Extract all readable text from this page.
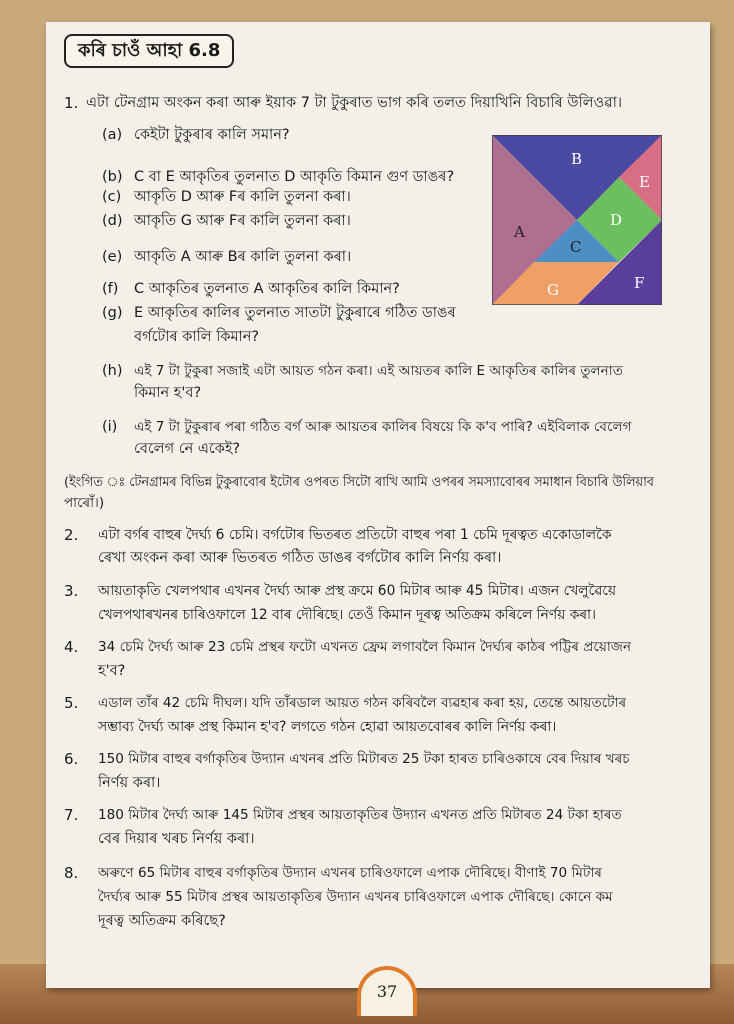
কৰি চাওঁ আহা 6.8
1. এটা টেনগ্ৰাম অংকন কৰা আৰু ইয়াক 7 টা টুকুৰাত ভাগ কৰি তলত দিয়াখিনি বিচাৰি উলিওৱা।
(a) কেইটা টুকুৰাৰ কালি সমান?
(b) C বা E আকৃতিৰ তুলনাত D আকৃতি কিমান গুণ ডাঙৰ?
(c) আকৃতি D আৰু Fৰ কালি তুলনা কৰা।
(d) আকৃতি G আৰু Fৰ কালি তুলনা কৰা।
(e) আকৃতি A আৰু Bৰ কালি তুলনা কৰা।
(f) C আকৃতিৰ তুলনাত A আকৃতিৰ কালি কিমান?
(g) E আকৃতিৰ কালিৰ তুলনাত সাতটা টুকুৰাৰে গঠিত ডাঙৰ
বৰ্গটোৰ কালি কিমান?
(h) এই 7 টা টুকুৰা সজাই এটা আয়ত গঠন কৰা। এই আয়তৰ কালি E আকৃতিৰ কালিৰ তুলনাত
কিমান হ'ব?
(i) এই 7 টা টুকুৰাৰ পৰা গঠিত বৰ্গ আৰু আয়তৰ কালিৰ বিষয়ে কি ক'ব পাৰি? এইবিলাক বেলেগ
বেলেগ নে একেই?
(ইংগিত ঃ টেনগ্ৰামৰ বিভিন্ন টুকুৰাবোৰ ইটোৰ ওপৰত সিটো ৰাখি আমি ওপৰৰ সমস্যাবোৰৰ সমাধান বিচাৰি উলিয়াব
পাৰোঁ।)
A
B
C
D
E
F
G
2. এটা বৰ্গৰ বাহুৰ দৈৰ্ঘ্য 6 চেমি। বৰ্গটোৰ ভিতৰত প্ৰতিটো বাহুৰ পৰা 1 চেমি দূৰত্বত একোডালকৈ
ৰেখা অংকন কৰা আৰু ভিতৰত গঠিত ডাঙৰ বৰ্গটোৰ কালি নিৰ্ণয় কৰা।
3. আয়তাকৃতি খেলপথাৰ এখনৰ দৈৰ্ঘ্য আৰু প্ৰস্থ ক্ৰমে 60 মিটাৰ আৰু 45 মিটাৰ। এজন খেলুৱৈয়ে
খেলপথাৰখনৰ চাৰিওফালে 12 বাৰ দৌৰিছে। তেওঁ কিমান দূৰত্ব অতিক্ৰম কৰিলে নিৰ্ণয় কৰা।
4. 34 চেমি দৈৰ্ঘ্য আৰু 23 চেমি প্ৰস্থৰ ফটো এখনত ফ্ৰেম লগাবলৈ কিমান দৈৰ্ঘ্যৰ কাঠৰ পট্টিৰ প্ৰয়োজন
হ'ব?
5. এডাল তাঁৰ 42 চেমি দীঘল। যদি তাঁৰডাল আয়ত গঠন কৰিবলৈ ব্যৱহাৰ কৰা হয়, তেন্তে আয়তটোৰ
সম্ভাব্য দৈৰ্ঘ্য আৰু প্ৰস্থ কিমান হ'ব? লগতে গঠন হোৱা আয়তবোৰৰ কালি নিৰ্ণয় কৰা।
6. 150 মিটাৰ বাহুৰ বৰ্গাকৃতিৰ উদ্যান এখনৰ প্ৰতি মিটাৰত 25 টকা হাৰত চাৰিওকাষে বেৰ দিয়াৰ খৰচ
নিৰ্ণয় কৰা।
7. 180 মিটাৰ দৈৰ্ঘ্য আৰু 145 মিটাৰ প্ৰস্থৰ আয়তাকৃতিৰ উদ্যান এখনত প্ৰতি মিটাৰত 24 টকা হাৰত
বেৰ দিয়াৰ খৰচ নিৰ্ণয় কৰা।
8. অৰুণে 65 মিটাৰ বাহুৰ বৰ্গাকৃতিৰ উদ্যান এখনৰ চাৰিওফালে এপাক দৌৰিছে। বীণাই 70 মিটাৰ
দৈৰ্ঘ্যৰ আৰু 55 মিটাৰ প্ৰস্থৰ আয়তাকৃতিৰ উদ্যান এখনৰ চাৰিওফালে এপাক দৌৰিছে। কোনে কম
দূৰত্ব অতিক্ৰম কৰিছে?
37
